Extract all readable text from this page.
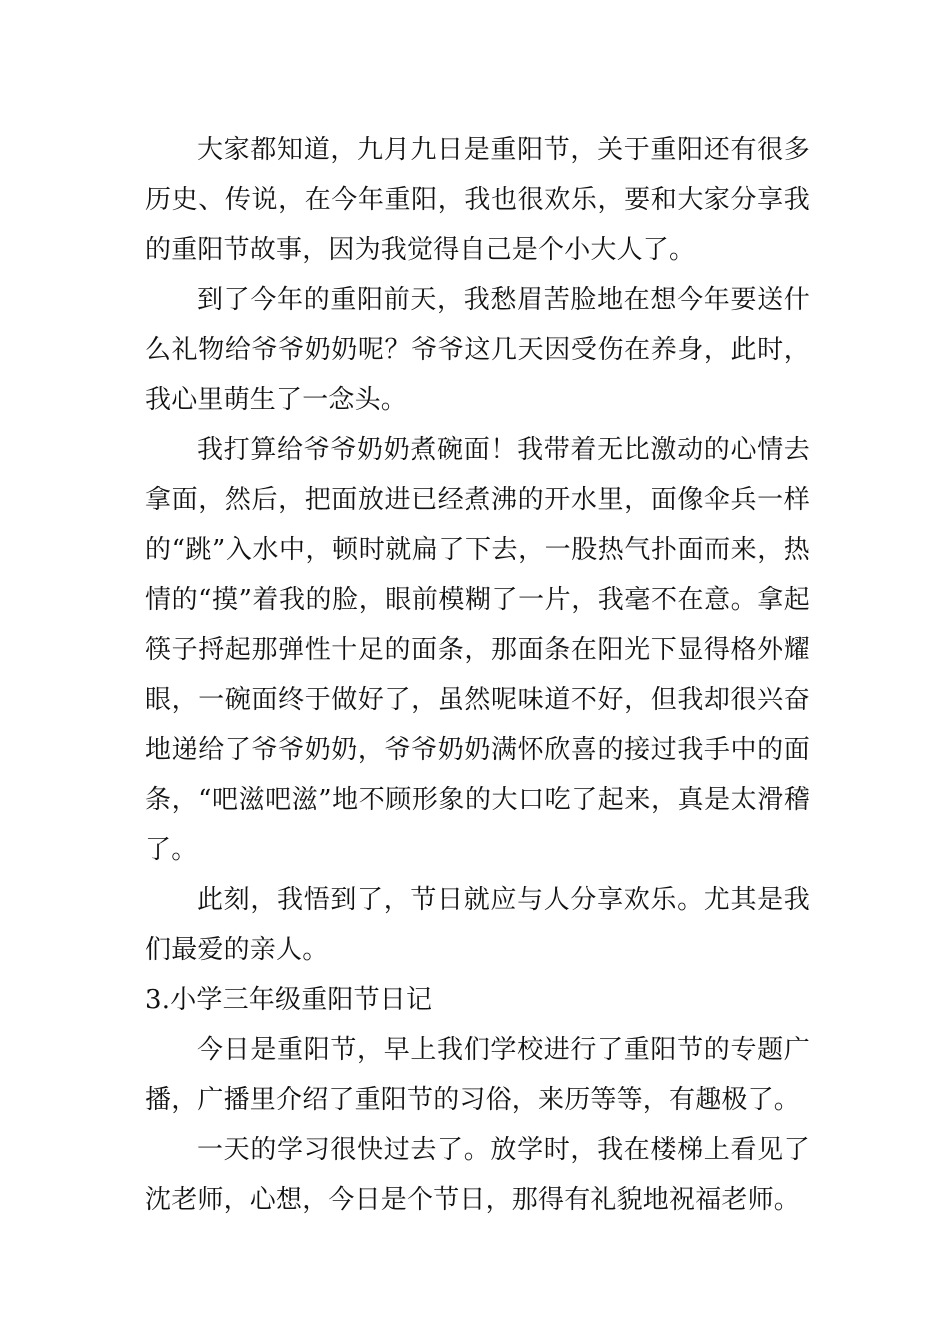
大家都知道，九月九日是重阳节，关于重阳还有很多历史、传说，在今年重阳，我也很欢乐，要和大家分享我的重阳节故事，因为我觉得自己是个小大人了。

到了今年的重阳前天，我愁眉苦脸地在想今年要送什么礼物给爷爷奶奶呢？爷爷这几天因受伤在养身，此时，我心里萌生了一念头。

我打算给爷爷奶奶煮碗面！我带着无比激动的心情去拿面，然后，把面放进已经煮沸的开水里，面像伞兵一样的“跳”入水中，顿时就扁了下去，一股热气扑面而来，热情的“摸”着我的脸，眼前模糊了一片，我毫不在意。拿起筷子捋起那弹性十足的面条，那面条在阳光下显得格外耀眼，一碗面终于做好了，虽然呢味道不好，但我却很兴奋地递给了爷爷奶奶，爷爷奶奶满怀欣喜的接过我手中的面条，“吧滋吧滋”地不顾形象的大口吃了起来，真是太滑稽了。

此刻，我悟到了，节日就应与人分享欢乐。尤其是我们最爱的亲人。

3.小学三年级重阳节日记

今日是重阳节，早上我们学校进行了重阳节的专题广播，广播里介绍了重阳节的习俗，来历等等，有趣极了。

一天的学习很快过去了。放学时，我在楼梯上看见了沈老师，心想，今日是个节日，那得有礼貌地祝福老师。
